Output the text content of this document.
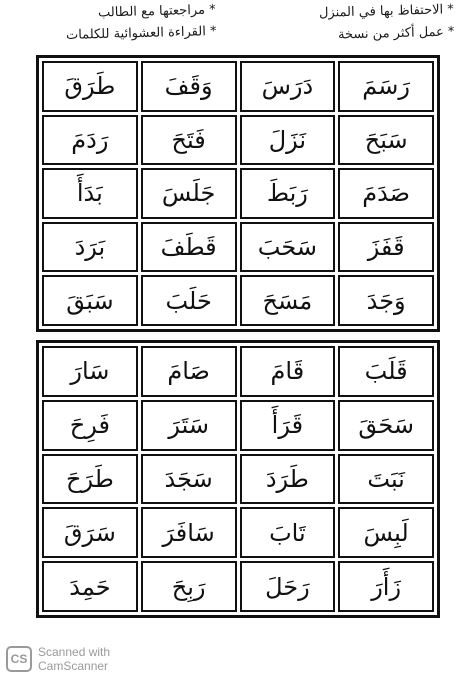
* الاحتفاظ بها في المنزل
* عمل أكثر من نسخة
* مراجعتها مع الطالب
* القراءة العشوائية للكلمات
رَسَمَ	دَرَسَ	وَقَفَ	طَرَقَ
سَبَحَ	نَزَلَ	فَتَحَ	رَدَمَ
صَدَمَ	رَبَطَ	جَلَسَ	بَدَأَ
قَفَزَ	سَحَبَ	قَطَفَ	بَرَدَ
وَجَدَ	مَسَحَ	حَلَبَ	سَبَقَ
قَلَبَ	قَامَ	صَامَ	سَارَ
سَحَقَ	قَرَأَ	سَتَرَ	فَرِحَ
نَبَتَ	طَرَدَ	سَجَدَ	طَرَحَ
لَبِسَ	تَابَ	سَافَرَ	سَرَقَ
زَأَرَ	رَحَلَ	رَبِحَ	حَمِدَ
CS Scanned with
CamScanner
